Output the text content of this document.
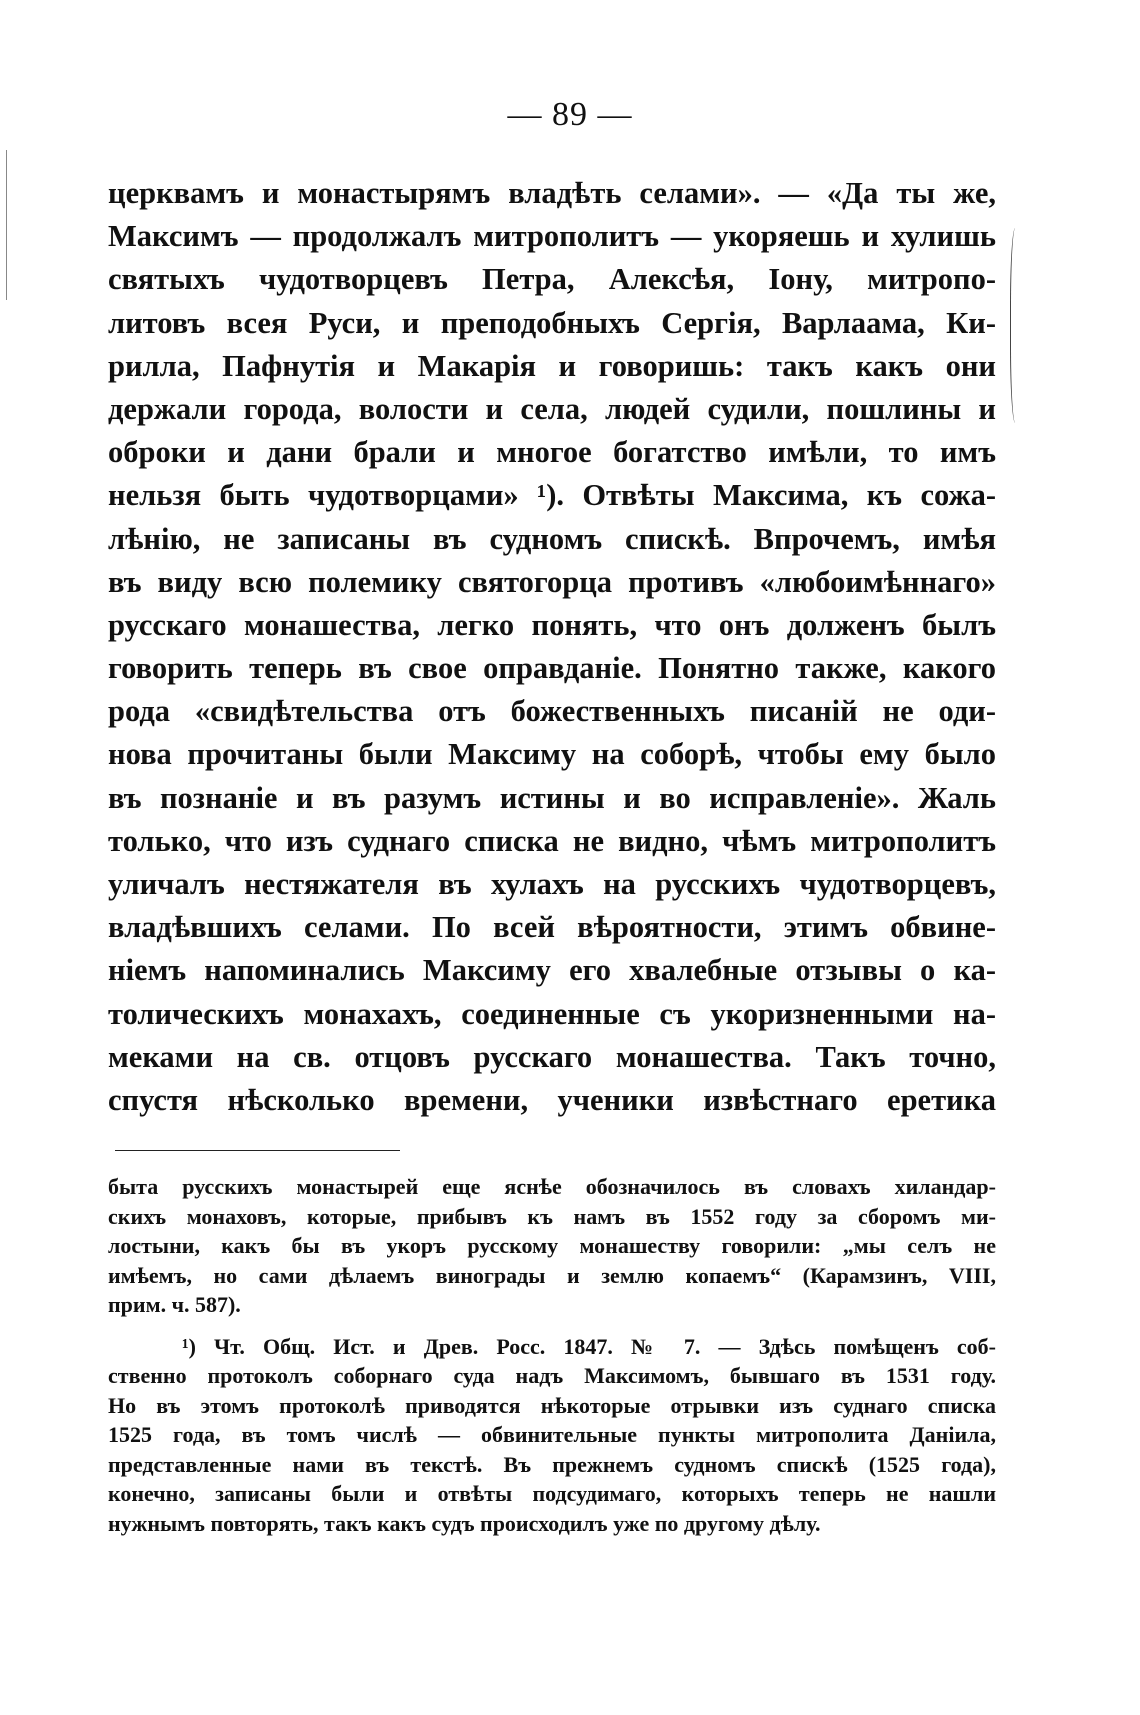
— 89 —
церквамъ и монастырямъ владѣть селами». — «Да ты же,
Максимъ — продолжалъ митрополитъ — укоряешь и хулишь
святыхъ чудотворцевъ Петра, Алексѣя, Іону, митропо-
литовъ всея Руси, и преподобныхъ Сергія, Варлаама, Ки-
рилла, Пафнутія и Макарія и говоришь: такъ какъ они
держали города, волости и села, людей судили, пошлины и
оброки и дани брали и многое богатство имѣли, то имъ
нельзя быть чудотворцами» ¹). Отвѣты Максима, къ сожа-
лѣнію, не записаны въ судномъ спискѣ. Впрочемъ, имѣя
въ виду всю полемику святогорца противъ «любоимѣннаго»
русскаго монашества, легко понять, что онъ долженъ былъ
говорить теперь въ свое оправданіе. Понятно также, какого
рода «свидѣтельства отъ божественныхъ писаній не оди-
нова прочитаны были Максиму на соборѣ, чтобы ему было
въ познаніе и въ разумъ истины и во исправленіе». Жаль
только, что изъ суднаго списка не видно, чѣмъ митрополитъ
уличалъ нестяжателя въ хулахъ на русскихъ чудотворцевъ,
владѣвшихъ селами. По всей вѣроятности, этимъ обвине-
ніемъ напоминались Максиму его хвалебные отзывы о ка-
толическихъ монахахъ, соединенные съ укоризненными на-
меками на св. отцовъ русскаго монашества. Такъ точно,
спустя нѣсколько времени, ученики извѣстнаго еретика
быта русскихъ монастырей еще яснѣе обозначилось въ словахъ хиландар-
скихъ монаховъ, которые, прибывъ къ намъ въ 1552 году за сборомъ ми-
лостыни, какъ бы въ укоръ русскому монашеству говорили: „мы селъ не
имѣемъ, но сами дѣлаемъ винограды и землю копаемъ“ (Карамзинъ, VIII,
прим. ч. 587).
¹) Чт. Общ. Ист. и Древ. Росс. 1847. № 7. — Здѣсь помѣщенъ соб-
ственно протоколъ соборнаго суда надъ Максимомъ, бывшаго въ 1531 году.
Но въ этомъ протоколѣ приводятся нѣкоторые отрывки изъ суднаго списка
1525 года, въ томъ числѣ — обвинительные пункты митрополита Даніила,
представленные нами въ текстѣ. Въ прежнемъ судномъ спискѣ (1525 года),
конечно, записаны были и отвѣты подсудимаго, которыхъ теперь не нашли
нужнымъ повторять, такъ какъ судъ происходилъ уже по другому дѣлу.
